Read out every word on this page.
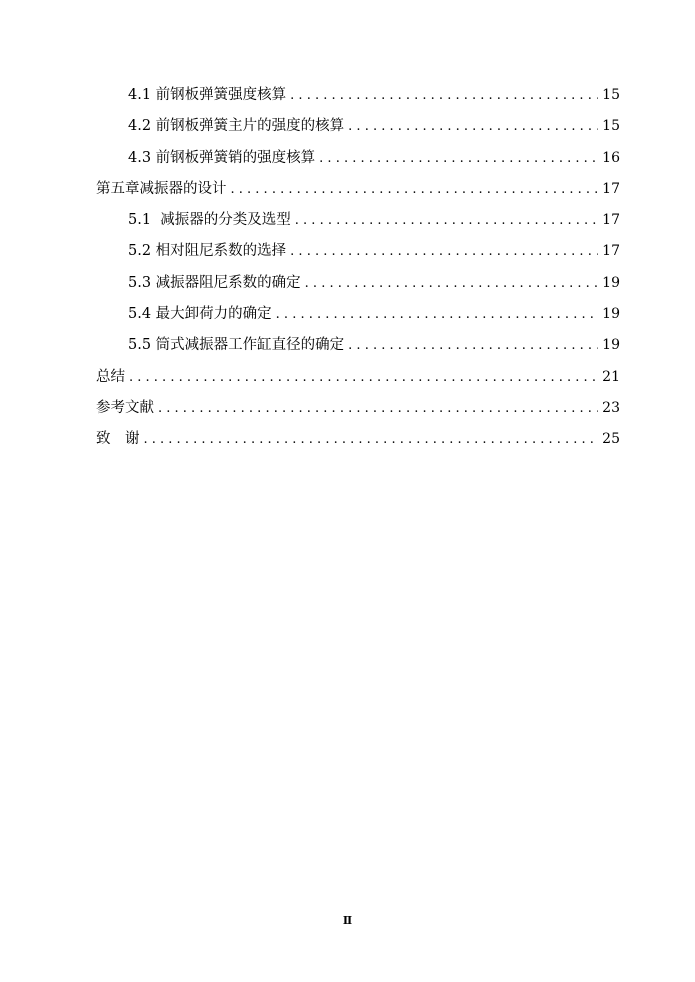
4.1 前钢板弹簧强度核算 . . .	15
4.2 前钢板弹簧主片的强度的核算 . . .	15
4.3 前钢板弹簧销的强度核算 . . .	16
第五章减振器的设计 . . .	17
5.1  减振器的分类及选型 . . .	17
5.2 相对阻尼系数的选择 . . .	17
5.3 减振器阻尼系数的确定 . . .	19
5.4 最大卸荷力的确定 . . .	19
5.5 筒式减振器工作缸直径的确定 . . .	19
总结 . . .	21
参考文献 . . .	23
致　谢 . . .	25
Ⅱ
